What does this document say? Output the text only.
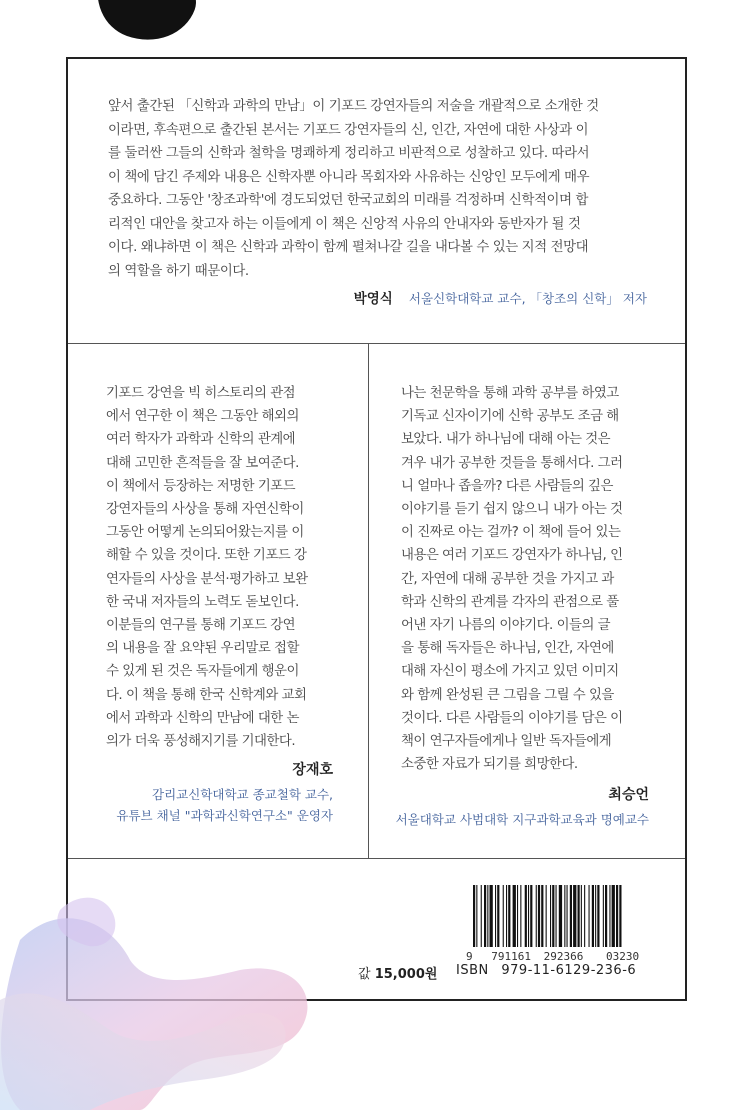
앞서 출간된 「신학과 과학의 만남」이 기포드 강연자들의 저술을 개괄적으로 소개한 것
이라면, 후속편으로 출간된 본서는 기포드 강연자들의 신, 인간, 자연에 대한 사상과 이
를 둘러싼 그들의 신학과 철학을 명쾌하게 정리하고 비판적으로 성찰하고 있다. 따라서
이 책에 담긴 주제와 내용은 신학자뿐 아니라 목회자와 사유하는 신앙인 모두에게 매우
중요하다. 그동안 '창조과학'에 경도되었던 한국교회의 미래를 걱정하며 신학적이며 합
리적인 대안을 찾고자 하는 이들에게 이 책은 신앙적 사유의 안내자와 동반자가 될 것
이다. 왜냐하면 이 책은 신학과 과학이 함께 펼쳐나갈 길을 내다볼 수 있는 지적 전망대
의 역할을 하기 때문이다.
박영식 서울신학대학교 교수, 「창조의 신학」 저자
기포드 강연을 빅 히스토리의 관점
에서 연구한 이 책은 그동안 해외의
여러 학자가 과학과 신학의 관계에
대해 고민한 흔적들을 잘 보여준다.
이 책에서 등장하는 저명한 기포드
강연자들의 사상을 통해 자연신학이
그동안 어떻게 논의되어왔는지를 이
해할 수 있을 것이다. 또한 기포드 강
연자들의 사상을 분석·평가하고 보완
한 국내 저자들의 노력도 돋보인다.
이분들의 연구를 통해 기포드 강연
의 내용을 잘 요약된 우리말로 접할
수 있게 된 것은 독자들에게 행운이
다. 이 책을 통해 한국 신학계와 교회
에서 과학과 신학의 만남에 대한 논
의가 더욱 풍성해지기를 기대한다.
장재호
감리교신학대학교 종교철학 교수,
유튜브 채널 "과학과신학연구소" 운영자
나는 천문학을 통해 과학 공부를 하였고
기독교 신자이기에 신학 공부도 조금 해
보았다. 내가 하나님에 대해 아는 것은
겨우 내가 공부한 것들을 통해서다. 그러
니 얼마나 좁을까? 다른 사람들의 깊은
이야기를 듣기 쉽지 않으니 내가 아는 것
이 진짜로 아는 걸까? 이 책에 들어 있는
내용은 여러 기포드 강연자가 하나님, 인
간, 자연에 대해 공부한 것을 가지고 과
학과 신학의 관계를 각자의 관점으로 풀
어낸 자기 나름의 이야기다. 이들의 글
을 통해 독자들은 하나님, 인간, 자연에
대해 자신이 평소에 가지고 있던 이미지
와 함께 완성된 큰 그림을 그릴 수 있을
것이다. 다른 사람들의 이야기를 담은 이
책이 연구자들에게나 일반 독자들에게
소중한 자료가 되기를 희망한다.
최승언
서울대학교 사범대학 지구과학교육과 명예교수
9 791161 292366 03230
값 15,000원 ISBN 979-11-6129-236-6
